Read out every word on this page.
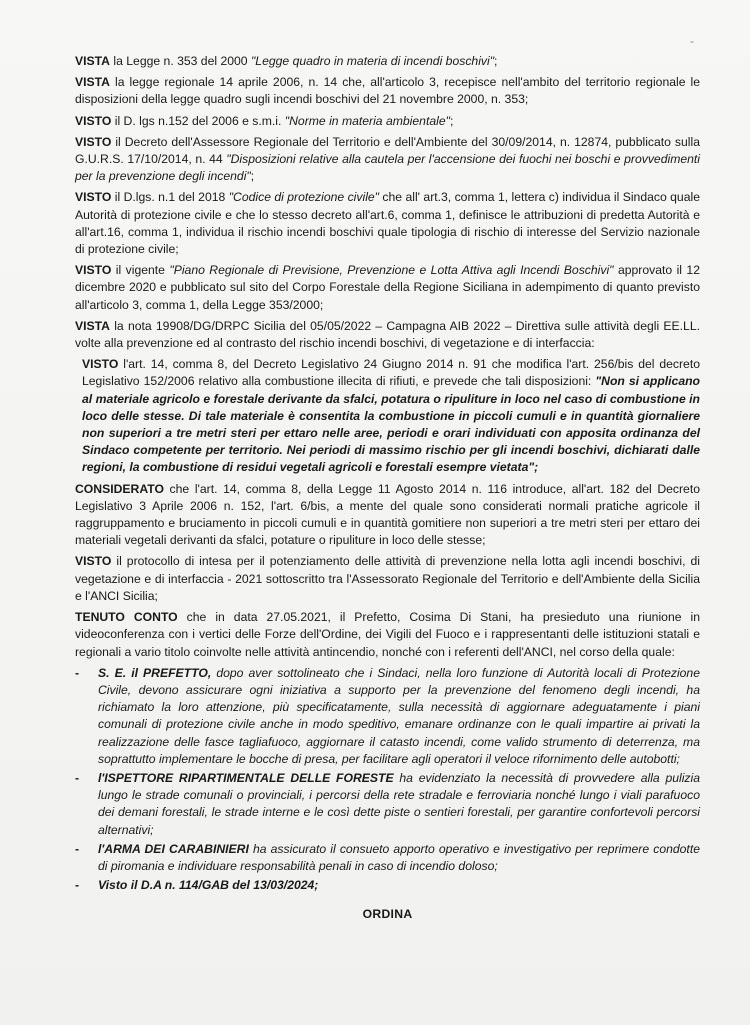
-

VISTA la Legge n. 353 del 2000 "Legge quadro in materia di incendi boschivi";

VISTA la legge regionale 14 aprile 2006, n. 14 che, all'articolo 3, recepisce nell'ambito del territorio regionale le disposizioni della legge quadro sugli incendi boschivi del 21 novembre 2000, n. 353;

VISTO il D. lgs n.152 del 2006 e s.m.i. "Norme in materia ambientale";

VISTO il Decreto dell'Assessore Regionale del Territorio e dell'Ambiente del 30/09/2014, n. 12874, pubblicato sulla G.U.R.S. 17/10/2014, n. 44 "Disposizioni relative alla cautela per l'accensione dei fuochi nei boschi e provvedimenti per la prevenzione degli incendi";

VISTO il D.lgs. n.1 del 2018 "Codice di protezione civile" che all' art.3, comma 1, lettera c) individua il Sindaco quale Autorità di protezione civile e che lo stesso decreto all'art.6, comma 1, definisce le attribuzioni di predetta Autorità e all'art.16, comma 1, individua il rischio incendi boschivi quale tipologia di rischio di interesse del Servizio nazionale di protezione civile;

VISTO il vigente "Piano Regionale di Previsione, Prevenzione e Lotta Attiva agli Incendi Boschivi" approvato il 12 dicembre 2020 e pubblicato sul sito del Corpo Forestale della Regione Siciliana in adempimento di quanto previsto all'articolo 3, comma 1, della Legge 353/2000;

VISTA la nota 19908/DG/DRPC Sicilia del 05/05/2022 – Campagna AIB 2022 – Direttiva sulle attività degli EE.LL. volte alla prevenzione ed al contrasto del rischio incendi boschivi, di vegetazione e di interfaccia:

VISTO l'art. 14, comma 8, del Decreto Legislativo 24 Giugno 2014 n. 91 che modifica l'art. 256/bis del decreto Legislativo 152/2006 relativo alla combustione illecita di rifiuti, e prevede che tali disposizioni: "Non si applicano al materiale agricolo e forestale derivante da sfalci, potatura o ripuliture in loco nel caso di combustione in loco delle stesse. Di tale materiale è consentita la combustione in piccoli cumuli e in quantità giornaliere non superiori a tre metri steri per ettaro nelle aree, periodi e orari individuati con apposita ordinanza del Sindaco competente per territorio. Nei periodi di massimo rischio per gli incendi boschivi, dichiarati dalle regioni, la combustione di residui vegetali agricoli e forestali esempre vietata";

CONSIDERATO che l'art. 14, comma 8, della Legge 11 Agosto 2014 n. 116 introduce, all'art. 182 del Decreto Legislativo 3 Aprile 2006 n. 152, l'art. 6/bis, a mente del quale sono considerati normali pratiche agricole il raggruppamento e bruciamento in piccoli cumuli e in quantità gomitiere non superiori a tre metri steri per ettaro dei materiali vegetali derivanti da sfalci, potature o ripuliture in loco delle stesse;

VISTO il protocollo di intesa per il potenziamento delle attività di prevenzione nella lotta agli incendi boschivi, di vegetazione e di interfaccia - 2021 sottoscritto tra l'Assessorato Regionale del Territorio e dell'Ambiente della Sicilia e l'ANCI Sicilia;

TENUTO CONTO che in data 27.05.2021, il Prefetto, Cosima Di Stani, ha presieduto una riunione in videoconferenza con i vertici delle Forze dell'Ordine, dei Vigili del Fuoco e i rappresentanti delle istituzioni statali e regionali a vario titolo coinvolte nelle attività antincendio, nonché con i referenti dell'ANCI, nel corso della quale:

- S. E. il PREFETTO, dopo aver sottolineato che i Sindaci, nella loro funzione di Autorità locali di Protezione Civile, devono assicurare ogni iniziativa a supporto per la prevenzione del fenomeno degli incendi, ha richiamato la loro attenzione, più specificatamente, sulla necessità di aggiornare adeguatamente i piani comunali di protezione civile anche in modo speditivo, emanare ordinanze con le quali impartire ai privati la realizzazione delle fasce tagliafuoco, aggiornare il catasto incendi, come valido strumento di deterrenza, ma soprattutto implementare le bocche di presa, per facilitare agli operatori il veloce rifornimento delle autobotti;
- l'ISPETTORE RIPARTIMENTALE DELLE FORESTE ha evidenziato la necessità di provvedere alla pulizia lungo le strade comunali o provinciali, i percorsi della rete stradale e ferroviaria nonché lungo i viali parafuoco dei demani forestali, le strade interne e le così dette piste o sentieri forestali, per garantire confortevoli percorsi alternativi;
- l'ARMA DEI CARABINIERI ha assicurato il consueto apporto operativo e investigativo per reprimere condotte di piromania e individuare responsabilità penali in caso di incendio doloso;
- Visto il D.A n. 114/GAB del 13/03/2024;
ORDINA
